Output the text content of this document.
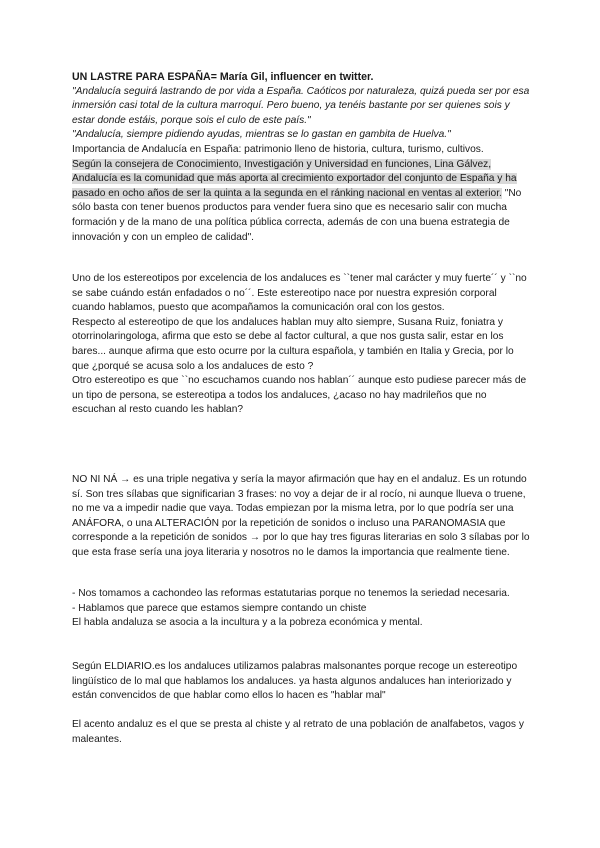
UN LASTRE PARA ESPAÑA= María Gil, influencer en twitter.

"Andalucía seguirá lastrando de por vida a España. Caóticos por naturaleza, quizá pueda ser por esa inmersión casi total de la cultura marroquí. Pero bueno, ya tenéis bastante por ser quienes sois y estar donde estáis, porque sois el culo de este país."

"Andalucía, siempre pidiendo ayudas, mientras se lo gastan en gambita de Huelva."

Importancia de Andalucía en España: patrimonio lleno de historia, cultura, turismo, cultivos.

Según la consejera de Conocimiento, Investigación y Universidad en funciones, Lina Gálvez, Andalucía es la comunidad que más aporta al crecimiento exportador del conjunto de España y ha pasado en ocho años de ser la quinta a la segunda en el ránking nacional en ventas al exterior. "No sólo basta con tener buenos productos para vender fuera sino que es necesario salir con mucha formación y de la mano de una política pública correcta, además de con una buena estrategia de innovación y con un empleo de calidad".

Uno de los estereotipos por excelencia de los andaluces es ``tener mal carácter y muy fuerte´´ y ``no se sabe cuándo están enfadados o no´´. Este estereotipo nace por nuestra expresión corporal cuando hablamos, puesto que acompañamos la comunicación oral con los gestos.

Respecto al estereotipo de que los andaluces hablan muy alto siempre, Susana Ruiz, foniatra y otorrinolaringologa, afirma que esto se debe al factor cultural, a que nos gusta salir, estar en los bares... aunque afirma que esto ocurre por la cultura española, y también en Italia y Grecia, por lo que ¿porqué se acusa solo a los andaluces de esto ?

Otro estereotipo es que ``no escuchamos cuando nos hablan´´ aunque esto pudiese parecer más de un tipo de persona, se estereotipa a todos los andaluces, ¿acaso no hay madrileños que no escuchan al resto cuando les hablan?

NO NI NÁ → es una triple negativa y sería la mayor afirmación que hay en el andaluz. Es un rotundo sí. Son tres sílabas que significarian 3 frases: no voy a dejar de ir al rocío, ni aunque llueva o truene, no me va a impedir nadie que vaya. Todas empiezan por la misma letra, por lo que podría ser una ANÁFORA, o una ALTERACIÓN por la repetición de sonidos o incluso una PARANOMASIA que corresponde a la repetición de sonidos → por lo que hay tres figuras literarias en solo 3 sílabas por lo que esta frase sería una joya literaria y nosotros no le damos la importancia que realmente tiene.

- Nos tomamos a cachondeo las reformas estatutarias porque no tenemos la seriedad necesaria.

- Hablamos que parece que estamos siempre contando un chiste

El habla andaluza se asocia a la incultura y a la pobreza económica y mental.

Según ELDIARIO.es los andaluces utilizamos palabras malsonantes porque recoge un estereotipo lingüístico de lo mal que hablamos los andaluces. ya hasta algunos andaluces han interiorizado y están convencidos de que hablar como ellos lo hacen es "hablar mal"

El acento andaluz es el que se presta al chiste y al retrato de una población de analfabetos, vagos y maleantes.
